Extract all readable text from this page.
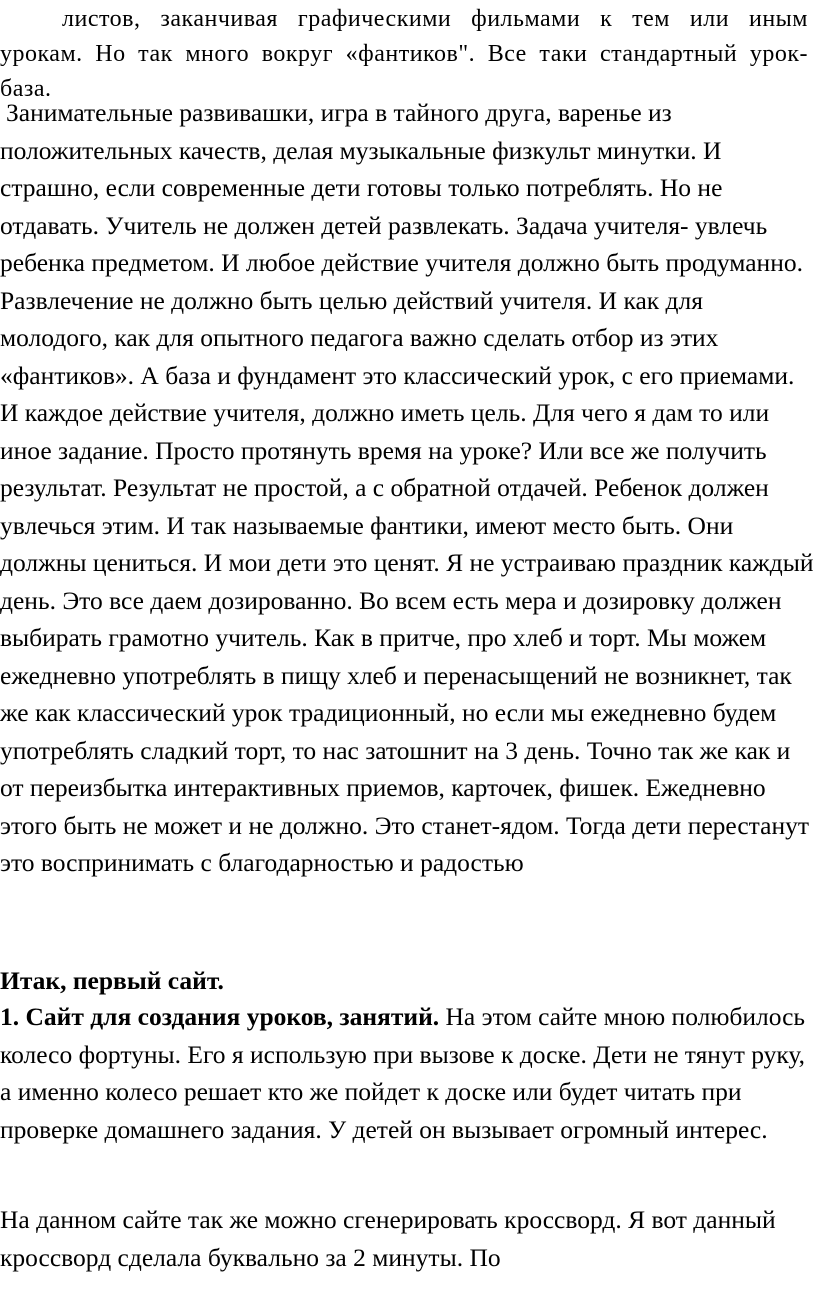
листов, заканчивая графическими фильмами к тем или иным урокам. Но так много вокруг «фантиков". Все таки стандартный урок- база.

Занимательные развивашки, игра в тайного друга, варенье из положительных качеств, делая музыкальные физкульт минутки. И страшно, если современные дети готовы только потреблять. Но не отдавать. Учитель не должен детей развлекать. Задача учителя- увлечь ребенка предметом. И любое действие учителя должно быть продуманно. Развлечение не должно быть целью действий учителя. И как для молодого, как для опытного педагога важно сделать отбор из этих «фантиков». А база и фундамент это классический урок, с его приемами. И каждое действие учителя, должно иметь цель. Для чего я дам то или иное задание. Просто протянуть время на уроке? Или все же получить результат. Результат не простой, а с обратной отдачей. Ребенок должен увлечься этим. И так называемые фантики, имеют место быть. Они должны цениться. И мои дети это ценят. Я не устраиваю праздник каждый день. Это все даем дозированно. Во всем есть мера и дозировку должен выбирать грамотно учитель. Как в притче, про хлеб и торт. Мы можем ежедневно употреблять в пищу хлеб и перенасыщений не возникнет, так же как классический урок традиционный, но если мы ежедневно будем употреблять сладкий торт, то нас затошнит на 3 день. Точно так же как и от переизбытка интерактивных приемов, карточек, фишек. Ежедневно этого быть не может и не должно. Это станет-ядом. Тогда дети перестанут это воспринимать с благодарностью и радостью

Итак, первый сайт.

1. Сайт для создания уроков, занятий. На этом сайте мною полюбилось колесо фортуны. Его я использую при вызове к доске. Дети не тянут руку, а именно колесо решает кто же пойдет к доске или будет читать при проверке домашнего задания. У детей он вызывает огромный интерес.

На данном сайте так же можно сгенерировать кроссворд. Я вот данный кроссворд сделала буквально за 2 минуты. По
